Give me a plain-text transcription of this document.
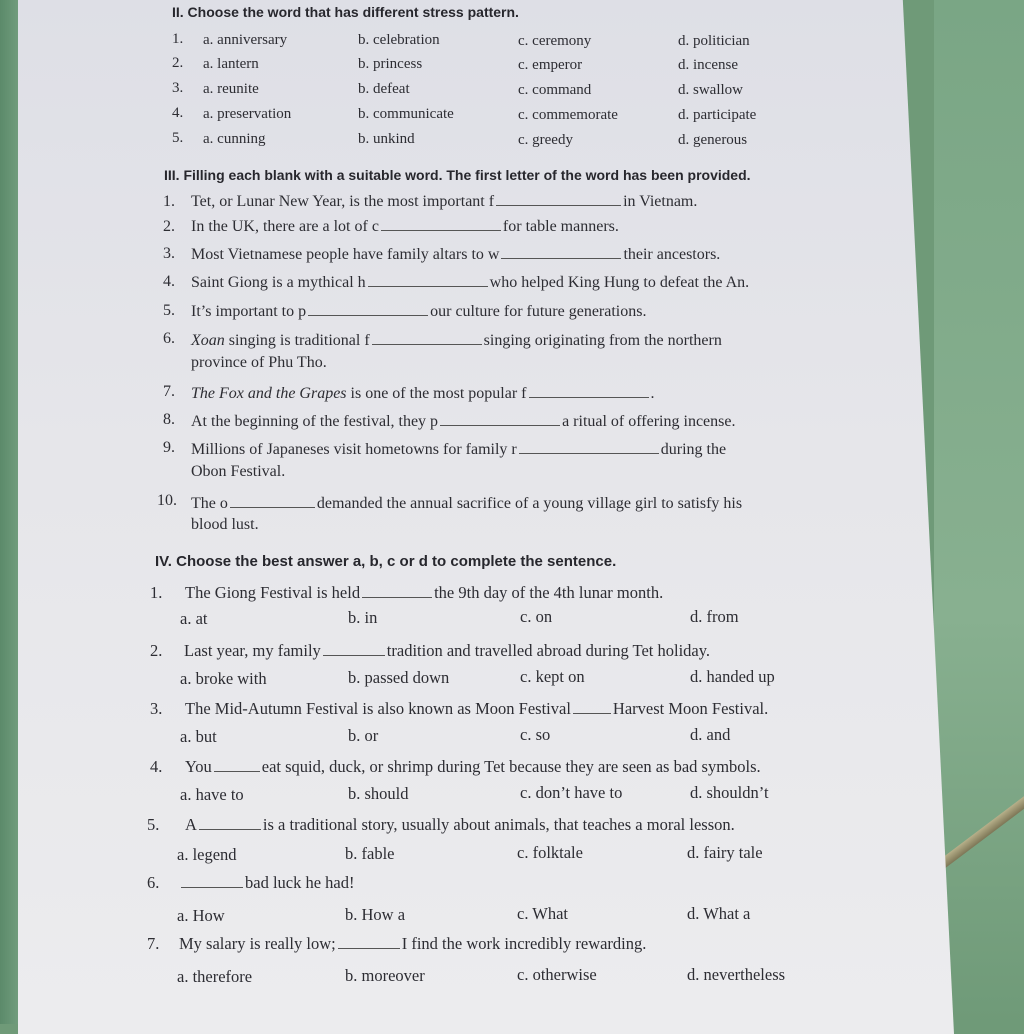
II. Choose the word that has different stress pattern.
1. a. anniversary	b. celebration	c. ceremony	d. politician
2. a. lantern	b. princess	c. emperor	d. incense
3. a. reunite	b. defeat	c. command	d. swallow
4. a. preservation	b. communicate	c. commemorate	d. participate
5. a. cunning	b. unkind	c. greedy	d. generous
III. Filling each blank with a suitable word. The first letter of the word has been provided.
1. Tet, or Lunar New Year, is the most important f	in Vietnam.
2. In the UK, there are a lot of c	for table manners.
3. Most Vietnamese people have family altars to w	their ancestors.
4. Saint Giong is a mythical h	who helped King Hung to defeat the An.
5. It’s important to p	our culture for future generations.
6. Xoan singing is traditional f	singing originating from the northern
province of Phu Tho.
7. The Fox and the Grapes is one of the most popular f	.
8. At the beginning of the festival, they p	a ritual of offering incense.
9. Millions of Japaneses visit hometowns for family r	during the
Obon Festival.
10. The o	demanded the annual sacrifice of a young village girl to satisfy his
blood lust.
IV. Choose the best answer a, b, c or d to complete the sentence.
1. The Giong Festival is held	the 9th day of the 4th lunar month.
a. at	b. in	c. on	d. from
2. Last year, my family	tradition and travelled abroad during Tet holiday.
a. broke with	b. passed down	c. kept on	d. handed up
3. The Mid-Autumn Festival is also known as Moon Festival	Harvest Moon Festival.
a. but	b. or	c. so	d. and
4. You	eat squid, duck, or shrimp during Tet because they are seen as bad symbols.
a. have to	b. should	c. don’t have to	d. shouldn’t
5. A	is a traditional story, usually about animals, that teaches a moral lesson.
a. legend	b. fable	c. folktale	d. fairy tale
6.	bad luck he had!
a. How	b. How a	c. What	d. What a
7. My salary is really low;	I find the work incredibly rewarding.
a. therefore	b. moreover	c. otherwise	d. nevertheless
